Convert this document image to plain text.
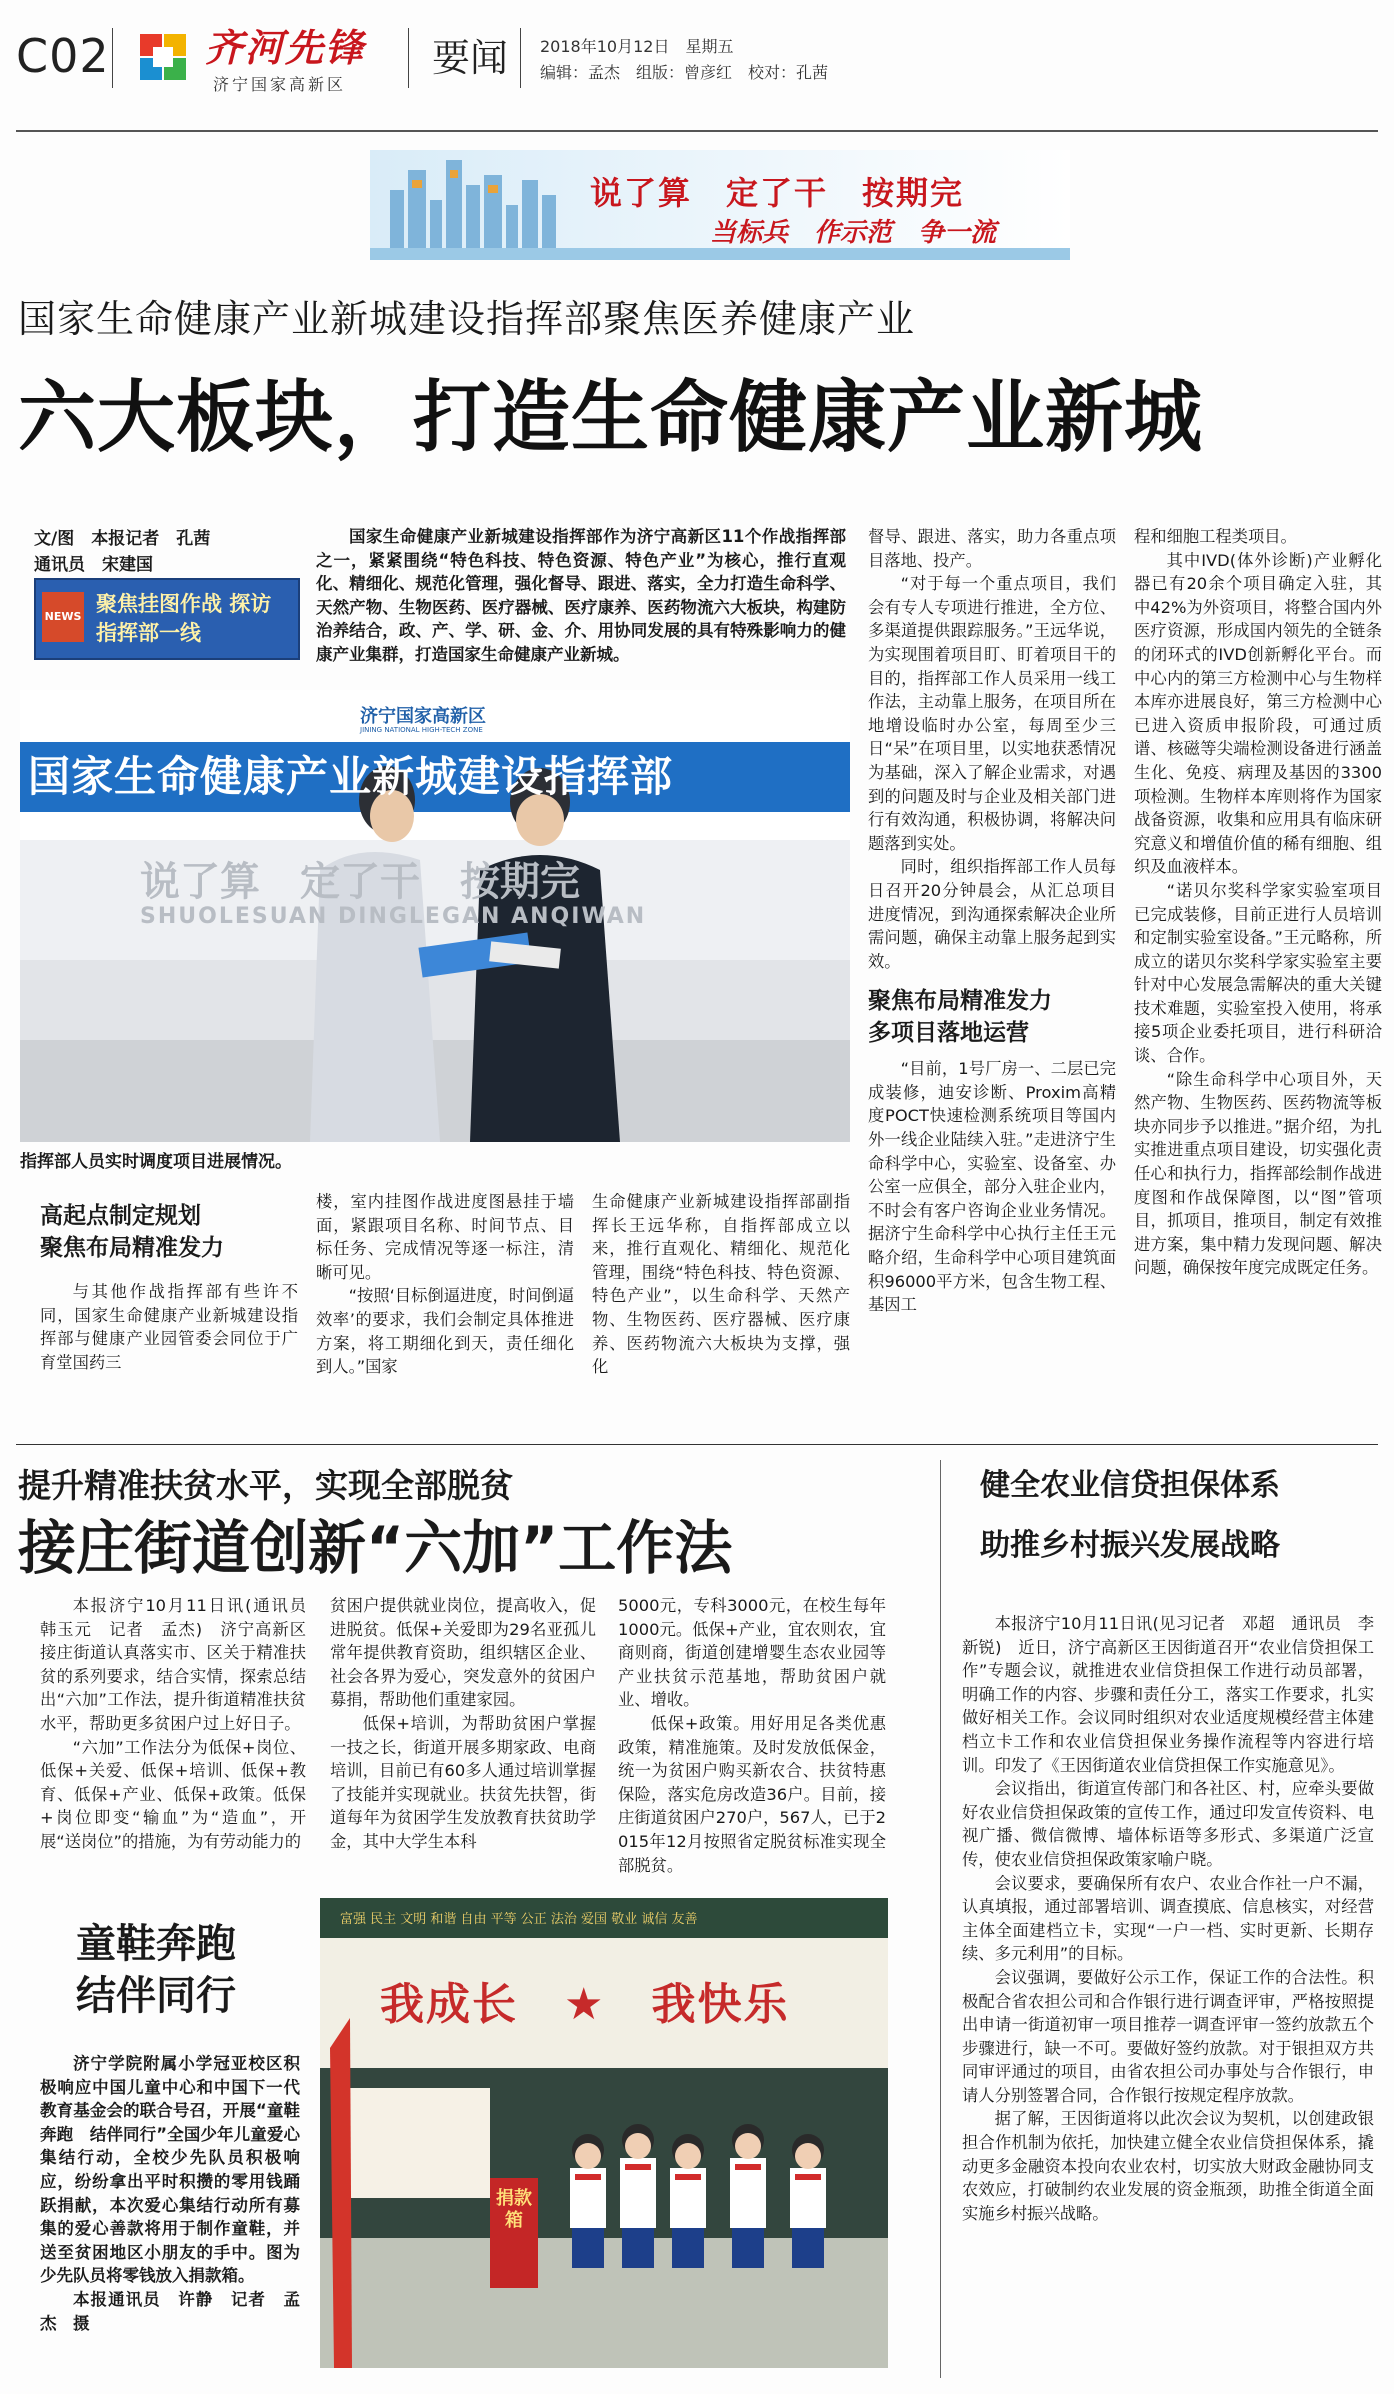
C02	齐河先锋
济宁国家高新区
要闻 2018年10月12日　星期五
编辑：孟杰　组版：曾彦红　校对：孔茜
说了算　定了干　按期完
当标兵　作示范　争一流
国家生命健康产业新城建设指挥部聚焦医养健康产业
六大板块，打造生命健康产业新城
文/图　本报记者　孔茜
通讯员　宋建国
NEWS
聚焦挂图作战 探访指挥部一线

国家生命健康产业新城建设指挥部作为济宁高新区11个作战指挥部之一，紧紧围绕“特色科技、特色资源、特色产业”为核心，推行直观化、精细化、规范化管理，强化督导、跟进、落实，全力打造生命科学、天然产物、生物医药、医疗器械、医疗康养、医药物流六大板块，构建防治养结合，政、产、学、研、金、介、用协同发展的具有特殊影响力的健康产业集群，打造国家生命健康产业新城。

济宁国家高新区
JINING NATIONAL HIGH-TECH ZONE
国家生命健康产业新城建设指挥部
说了算　定了干　按期完
SHUOLESUAN DINGLEGAN ANQIWAN
指挥部人员实时调度项目进展情况。
高起点制定规划
聚焦布局精准发力

与其他作战指挥部有些许不同，国家生命健康产业新城建设指挥部与健康产业园管委会同位于广育堂国药三

楼，室内挂图作战进度图悬挂于墙面，紧跟项目名称、时间节点、目标任务、完成情况等逐一标注，清晰可见。

“按照‘目标倒逼进度，时间倒逼效率’的要求，我们会制定具体推进方案，将工期细化到天，责任细化到人。”国家

生命健康产业新城建设指挥部副指挥长王远华称，自指挥部成立以来，推行直观化、精细化、规范化管理，围绕“特色科技、特色资源、特色产业”，以生命科学、天然产物、生物医药、医疗器械、医疗康养、医药物流六大板块为支撑，强化

督导、跟进、落实，助力各重点项目落地、投产。

“对于每一个重点项目，我们会有专人专项进行推进，全方位、多渠道提供跟踪服务。”王远华说，为实现围着项目盯、盯着项目干的目的，指挥部工作人员采用一线工作法，主动靠上服务，在项目所在地增设临时办公室，每周至少三日“呆”在项目里，以实地获悉情况为基础，深入了解企业需求，对遇到的问题及时与企业及相关部门进行有效沟通，积极协调，将解决问题落到实处。

同时，组织指挥部工作人员每日召开20分钟晨会，从汇总项目进度情况，到沟通探索解决企业所需问题，确保主动靠上服务起到实效。

聚焦布局精准发力
多项目落地运营

“目前，1号厂房一、二层已完成装修，迪安诊断、Proxim高精度POCT快速检测系统项目等国内外一线企业陆续入驻。”走进济宁生命科学中心，实验室、设备室、办公室一应俱全，部分入驻企业内，不时会有客户咨询企业业务情况。据济宁生命科学中心执行主任王元略介绍，生命科学中心项目建筑面积96000平方米，包含生物工程、基因工

程和细胞工程类项目。

其中IVD(体外诊断)产业孵化器已有20余个项目确定入驻，其中42%为外资项目，将整合国内外医疗资源，形成国内领先的全链条的闭环式的IVD创新孵化平台。而中心内的第三方检测中心与生物样本库亦进展良好，第三方检测中心已进入资质申报阶段，可通过质谱、核磁等尖端检测设备进行涵盖生化、免疫、病理及基因的3300项检测。生物样本库则将作为国家战备资源，收集和应用具有临床研究意义和增值价值的稀有细胞、组织及血液样本。

“诺贝尔奖科学家实验室项目已完成装修，目前正进行人员培训和定制实验室设备。”王元略称，所成立的诺贝尔奖科学家实验室主要针对中心发展急需解决的重大关键技术难题，实验室投入使用，将承接5项企业委托项目，进行科研洽谈、合作。

“除生命科学中心项目外，天然产物、生物医药、医药物流等板块亦同步予以推进。”据介绍，为扎实推进重点项目建设，切实强化责任心和执行力，指挥部绘制作战进度图和作战保障图，以“图”管项目，抓项目，推项目，制定有效推进方案，集中精力发现问题、解决问题，确保按年度完成既定任务。

提升精准扶贫水平，实现全部脱贫
接庄街道创新“六加”工作法

本报济宁10月11日讯(通讯员　韩玉元　记者　孟杰)　济宁高新区接庄街道认真落实市、区关于精准扶贫的系列要求，结合实情，探索总结出“六加”工作法，提升街道精准扶贫水平，帮助更多贫困户过上好日子。

“六加”工作法分为低保+岗位、低保+关爱、低保+培训、低保+教育、低保+产业、低保+政策。低保+岗位即变“输血”为“造血”，开展“送岗位”的措施，为有劳动能力的

贫困户提供就业岗位，提高收入，促进脱贫。低保+关爱即为29名亚孤儿常年提供教育资助，组织辖区企业、社会各界为爱心，突发意外的贫困户募捐，帮助他们重建家园。

低保+培训，为帮助贫困户掌握一技之长，街道开展多期家政、电商培训，目前已有60多人通过培训掌握了技能并实现就业。扶贫先扶智，街道每年为贫困学生发放教育扶贫助学金，其中大学生本科

5000元，专科3000元，在校生每年1000元。低保+产业，宜农则农，宜商则商，街道创建增婴生态农业园等产业扶贫示范基地，帮助贫困户就业、增收。

低保+政策。用好用足各类优惠政策，精准施策。及时发放低保金，统一为贫困户购买新农合、扶贫特惠保险，落实危房改造36户。目前，接庄街道贫困户270户，567人，已于2015年12月按照省定脱贫标准实现全部脱贫。

童鞋奔跑
结伴同行

济宁学院附属小学冠亚校区积极响应中国儿童中心和中国下一代教育基金会的联合号召，开展“童鞋奔跑　结伴同行”全国少年儿童爱心集结行动，全校少先队员积极响应，纷纷拿出平时积攒的零用钱踊跃捐献，本次爱心集结行动所有募集的爱心善款将用于制作童鞋，并送至贫困地区小朋友的手中。图为少先队员将零钱放入捐款箱。

本报通讯员　许静　记者　孟杰　摄

富强 民主 文明 和谐 自由 平等 公正 法治 爱国 敬业 诚信 友善
我成长　★　我快乐
捐款箱
健全农业信贷担保体系
助推乡村振兴发展战略

本报济宁10月11日讯(见习记者　邓超　通讯员　李新锐)　近日，济宁高新区王因街道召开“农业信贷担保工作”专题会议，就推进农业信贷担保工作进行动员部署，明确工作的内容、步骤和责任分工，落实工作要求，扎实做好相关工作。会议同时组织对农业适度规模经营主体建档立卡工作和农业信贷担保业务操作流程等内容进行培训。印发了《王因街道农业信贷担保工作实施意见》。

会议指出，街道宣传部门和各社区、村，应牵头要做好农业信贷担保政策的宣传工作，通过印发宣传资料、电视广播、微信微博、墙体标语等多形式、多渠道广泛宣传，使农业信贷担保政策家喻户晓。

会议要求，要确保所有农户、农业合作社一户不漏，认真填报，通过部署培训、调查摸底、信息核实，对经营主体全面建档立卡，实现“一户一档、实时更新、长期存续、多元利用”的目标。

会议强调，要做好公示工作，保证工作的合法性。积极配合省农担公司和合作银行进行调查评审，严格按照提出申请一街道初审一项目推荐一调查评审一签约放款五个步骤进行，缺一不可。要做好签约放款。对于银担双方共同审评通过的项目，由省农担公司办事处与合作银行，申请人分别签署合同，合作银行按规定程序放款。

据了解，王因街道将以此次会议为契机，以创建政银担合作机制为依托，加快建立健全农业信贷担保体系，撬动更多金融资本投向农业农村，切实放大财政金融协同支农效应，打破制约农业发展的资金瓶颈，助推全街道全面实施乡村振兴战略。
